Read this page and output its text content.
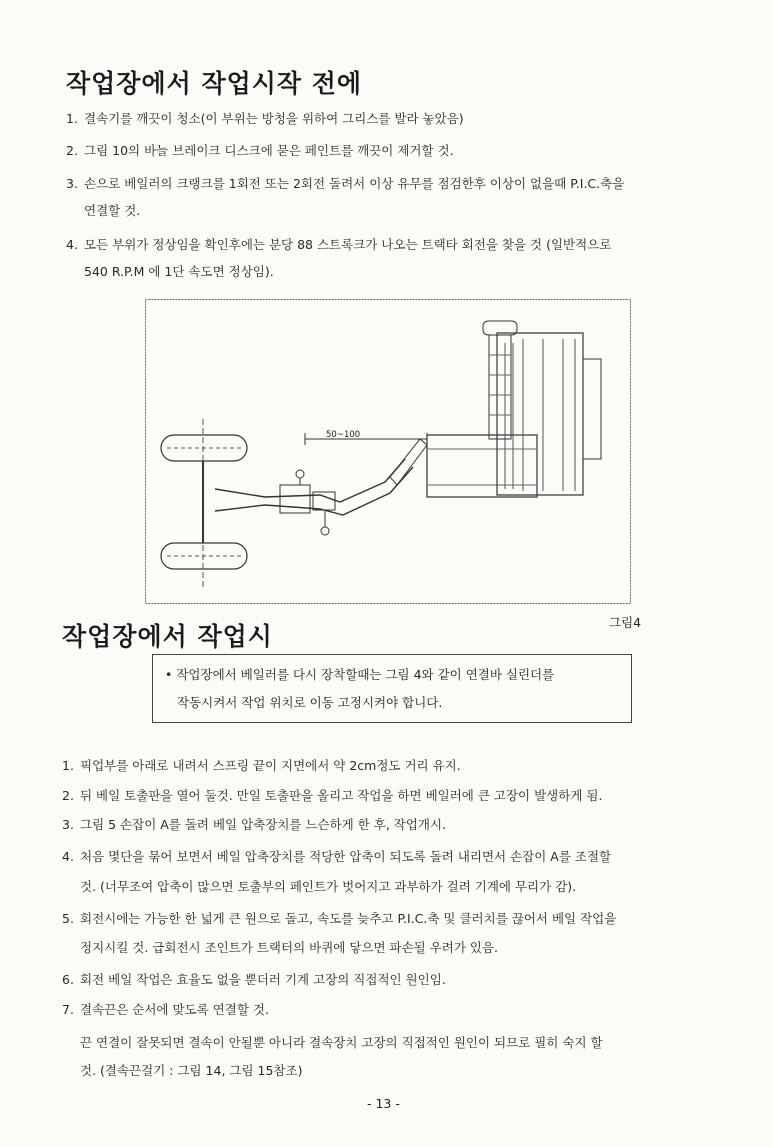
작업장에서 작업시작 전에
1. 결속기를 깨끗이 청소(이 부위는 방청을 위하여 그리스를 발라 놓았음)
2. 그림 10의 바늘 브레이크 디스크에 묻은 페인트를 깨끗이 제거할 것.
3. 손으로 베일러의 크랭크를 1회전 또는 2회전 돌려서 이상 유무를 점검한후 이상이 없을때 P.I.C.축을
연결할 것.
4. 모든 부위가 정상임을 확인후에는 분당 88 스트록크가 나오는 트랙타 회전을 찾을 것 (일반적으로
540 R.P.M 에 1단 속도면 정상임).
50~100
그림4
작업장에서 작업시
• 작업장에서 베일러를 다시 장착할때는 그림 4와 같이 연결바 실린더를
작동시켜서 작업 위치로 이동 고정시켜야 합니다.
1. 픽업부를 아래로 내려서 스프링 끝이 지면에서 약 2cm정도 거리 유지.
2. 뒤 베일 토출판을 열어 둘것. 만일 토출판을 올리고 작업을 하면 베일러에 큰 고장이 발생하게 됨.
3. 그림 5 손잡이 A를 돌려 베일 압축장치를 느슨하게 한 후, 작업개시.
4. 처음 몇단을 묶어 보면서 베일 압축장치를 적당한 압축이 되도록 돌려 내리면서 손잡이 A를 조절할
것. (너무조여 압축이 많으면 토출부의 페인트가 벗어지고 과부하가 걸려 기계에 무리가 감).
5. 회전시에는 가능한 한 넓게 큰 원으로 돌고, 속도를 늦추고 P.I.C.축 및 클러치를 끊어서 베일 작업을
정지시킬 것. 급회전시 조인트가 트랙터의 바퀴에 닿으면 파손될 우려가 있음.
6. 회전 베일 작업은 효율도 없을 뿐더러 기계 고장의 직접적인 원인임.
7. 결속끈은 순서에 맞도록 연결할 것.
끈 연결이 잘못되면 결속이 안될뿐 아니라 결속장치 고장의 직접적인 원인이 되므로 필히 숙지 할
것. (결속끈걸기 : 그림 14, 그림 15참조)
- 13 -
